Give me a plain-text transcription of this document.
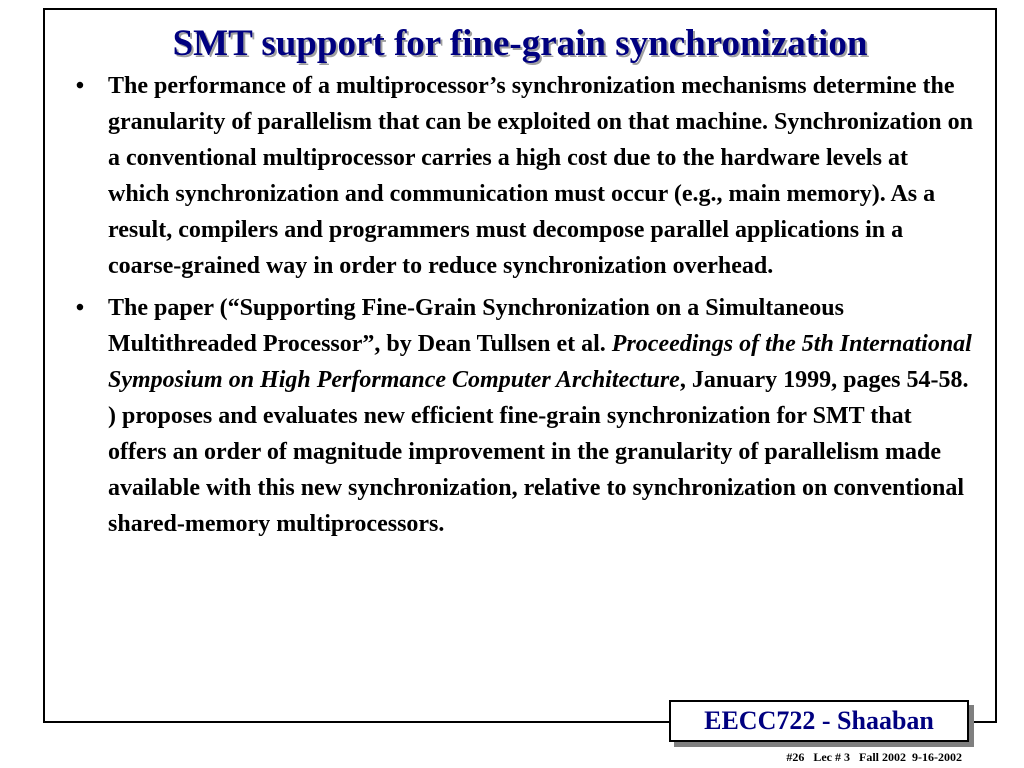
SMT support for fine-grain synchronization
• The performance of a multiprocessor’s synchronization mechanisms determine the granularity of parallelism that can be exploited on that machine. Synchronization on a conventional multiprocessor carries a high cost due to the hardware levels at which synchronization and communication must occur (e.g., main memory). As a result, compilers and programmers must decompose parallel applications in a coarse-grained way in order to reduce synchronization overhead.
• The paper (“Supporting Fine-Grain Synchronization on a Simultaneous Multithreaded Processor”, by Dean Tullsen et al. Proceedings of the 5th International Symposium on High Performance Computer Architecture, January 1999, pages 54-58. ) proposes and evaluates new efficient fine-grain synchronization for SMT that offers an order of magnitude improvement in the granularity of parallelism made available with this new synchronization, relative to synchronization on conventional shared-memory multiprocessors.
EECC722 - Shaaban
#26   Lec # 3   Fall 2002  9-16-2002
